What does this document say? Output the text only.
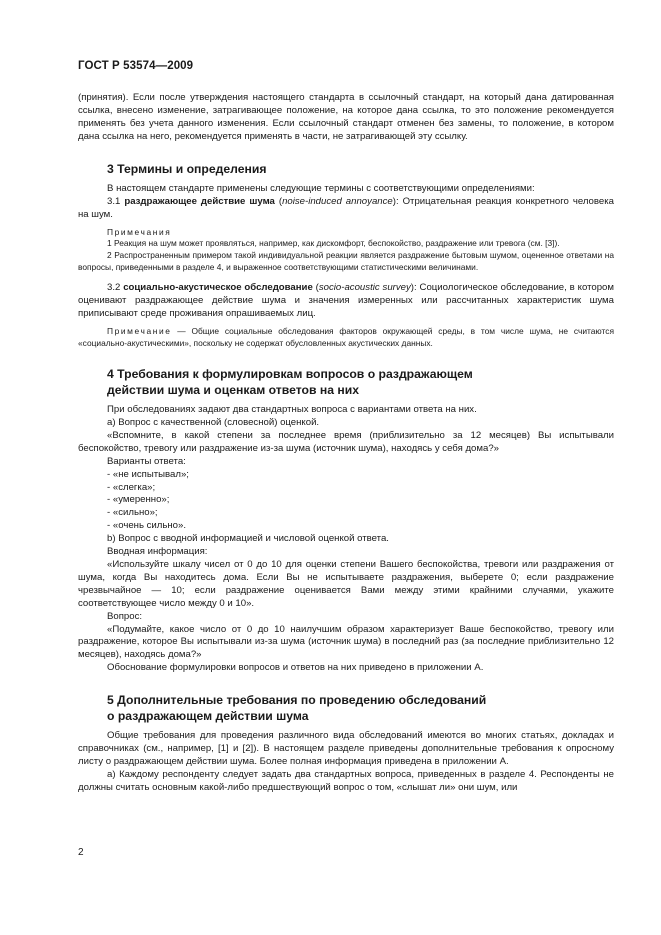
ГОСТ Р 53574—2009

(принятия). Если после утверждения настоящего стандарта в ссылочный стандарт, на который дана датированная ссылка, внесено изменение, затрагивающее положение, на которое дана ссылка, то это положение рекомендуется применять без учета данного изменения. Если ссылочный стандарт отменен без замены, то положение, в котором дана ссылка на него, рекомендуется применять в части, не затрагивающей эту ссылку.

3 Термины и определения

В настоящем стандарте применены следующие термины с соответствующими определениями:

3.1 раздражающее действие шума (noise-induced annoyance): Отрицательная реакция конкретного человека на шум.

Примечания

1 Реакция на шум может проявляться, например, как дискомфорт, беспокойство, раздражение или тревога (см. [3]).

2 Распространенным примером такой индивидуальной реакции является раздражение бытовым шумом, оцененное ответами на вопросы, приведенными в разделе 4, и выраженное соответствующими статистическими величинами.

3.2 социально-акустическое обследование (socio-acoustic survey): Социологическое обследование, в котором оценивают раздражающее действие шума и значения измеренных или рассчитанных характеристик шума приписывают среде проживания опрашиваемых лиц.

Примечание — Общие социальные обследования факторов окружающей среды, в том числе шума, не считаются «социально-акустическими», поскольку не содержат обусловленных акустических данных.

4 Требования к формулировкам вопросов о раздражающем
действии шума и оценкам ответов на них

При обследованиях задают два стандартных вопроса с вариантами ответа на них.

a) Вопрос с качественной (словесной) оценкой.

«Вспомните, в какой степени за последнее время (приблизительно за 12 месяцев) Вы испытывали беспокойство, тревогу или раздражение из-за шума (источник шума), находясь у себя дома?»

Варианты ответа:

- «не испытывал»;

- «слегка»;

- «умеренно»;

- «сильно»;

- «очень сильно».

b) Вопрос с вводной информацией и числовой оценкой ответа.

Вводная информация:

«Используйте шкалу чисел от 0 до 10 для оценки степени Вашего беспокойства, тревоги или раздражения от шума, когда Вы находитесь дома. Если Вы не испытываете раздражения, выберете 0; если раздражение чрезвычайное — 10; если раздражение оценивается Вами между этими крайними случаями, укажите соответствующее число между 0 и 10».

Вопрос:

«Подумайте, какое число от 0 до 10 наилучшим образом характеризует Ваше беспокойство, тревогу или раздражение, которое Вы испытывали из-за шума (источник шума) в последний раз (за последние приблизительно 12 месяцев), находясь дома?»

Обоснование формулировки вопросов и ответов на них приведено в приложении А.

5 Дополнительные требования по проведению обследований
о раздражающем действии шума

Общие требования для проведения различного вида обследований имеются во многих статьях, докладах и справочниках (см., например, [1] и [2]). В настоящем разделе приведены дополнительные требования к опросному листу о раздражающем действии шума. Более полная информация приведена в приложении А.

a) Каждому респонденту следует задать два стандартных вопроса, приведенных в разделе 4. Респонденты не должны считать основным какой-либо предшествующий вопрос о том, «слышат ли» они шум, или

2
